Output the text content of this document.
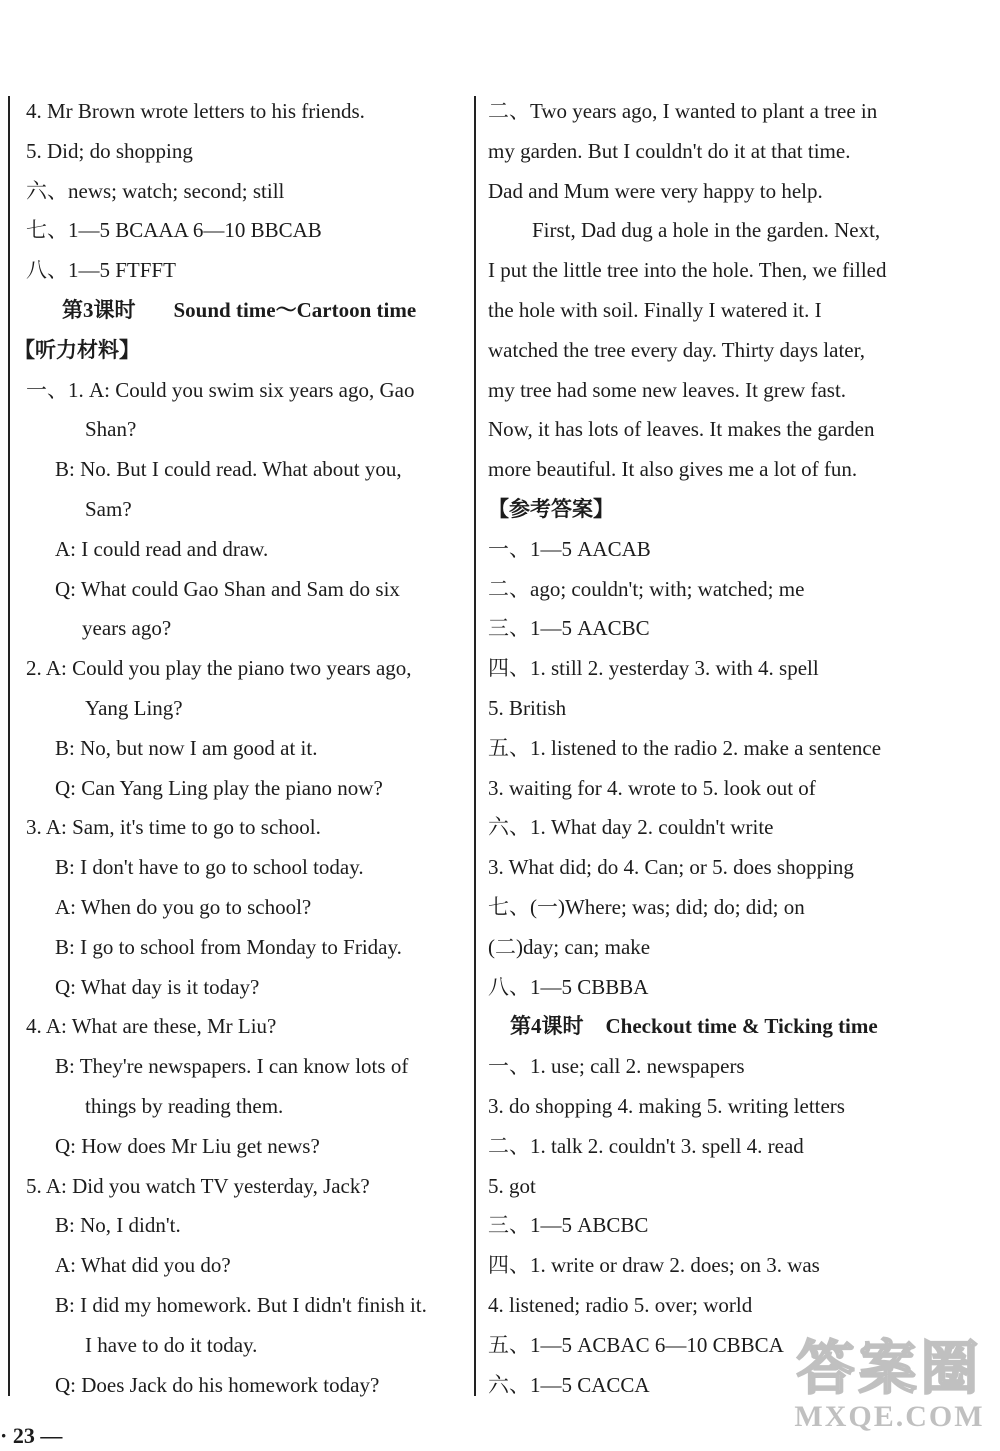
4. Mr Brown wrote letters to his friends.
5. Did; do shopping
六、news; watch; second; still
七、1—5 BCAAA 6—10 BBCAB
八、1—5 FTFFT
第3课时 Sound time～Cartoon time
【听力材料】
一、1. A: Could you swim six years ago, Gao
Shan?
B: No. But I could read. What about you,
Sam?
A: I could read and draw.
Q: What could Gao Shan and Sam do six
years ago?
2. A: Could you play the piano two years ago,
Yang Ling?
B: No, but now I am good at it.
Q: Can Yang Ling play the piano now?
3. A: Sam, it's time to go to school.
B: I don't have to go to school today.
A: When do you go to school?
B: I go to school from Monday to Friday.
Q: What day is it today?
4. A: What are these, Mr Liu?
B: They're newspapers. I can know lots of
things by reading them.
Q: How does Mr Liu get news?
5. A: Did you watch TV yesterday, Jack?
B: No, I didn't.
A: What did you do?
B: I did my homework. But I didn't finish it.
I have to do it today.
Q: Does Jack do his homework today?
二、Two years ago, I wanted to plant a tree in
my garden. But I couldn't do it at that time.
Dad and Mum were very happy to help.
First, Dad dug a hole in the garden. Next,
I put the little tree into the hole. Then, we filled
the hole with soil. Finally I watered it. I
watched the tree every day. Thirty days later,
my tree had some new leaves. It grew fast.
Now, it has lots of leaves. It makes the garden
more beautiful. It also gives me a lot of fun.
【参考答案】
一、1—5 AACAB
二、ago; couldn't; with; watched; me
三、1—5 AACBC
四、1. still 2. yesterday 3. with 4. spell
5. British
五、1. listened to the radio 2. make a sentence
3. waiting for 4. wrote to 5. look out of
六、1. What day 2. couldn't write
3. What did; do 4. Can; or 5. does shopping
七、(一)Where; was; did; do; did; on
(二)day; can; make
八、1—5 CBBBA
第4课时 Checkout time & Ticking time
一、1. use; call 2. newspapers
3. do shopping 4. making 5. writing letters
二、1. talk 2. couldn't 3. spell 4. read
5. got
三、1—5 ABCBC
四、1. write or draw 2. does; on 3. was
4. listened; radio 5. over; world
五、1—5 ACBAC 6—10 CBBCA
六、1—5 CACCA
· 23 —
答案圈
MXQE.COM
